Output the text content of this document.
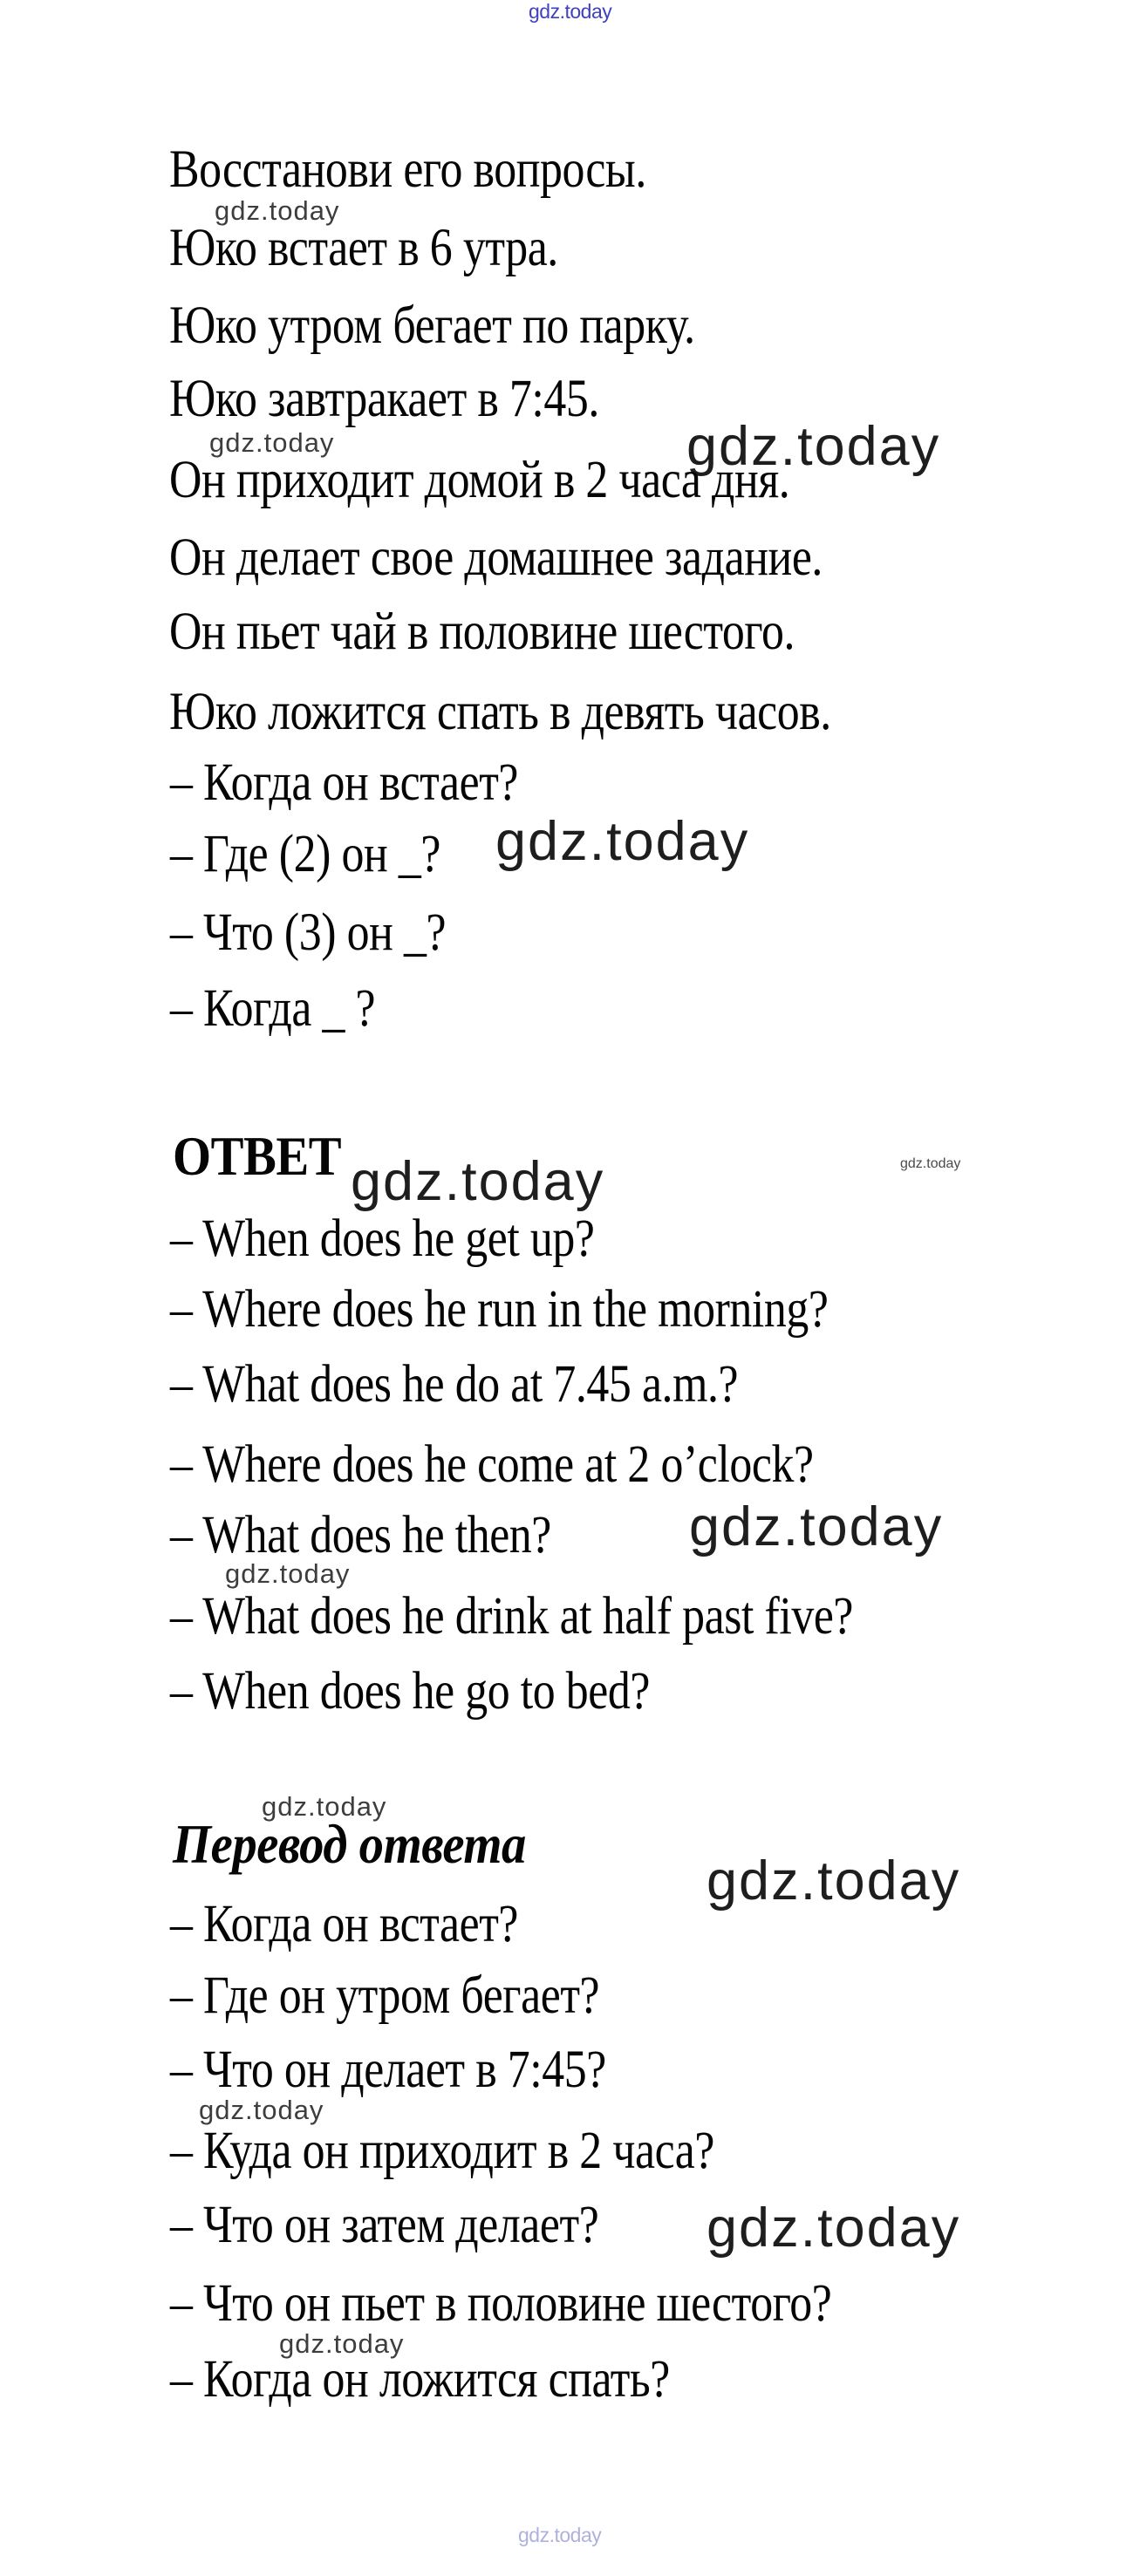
gdz.today
Восстанови его вопросы.
gdz.today
Юко встает в 6 утра.
Юко утром бегает по парку.
Юко завтракает в 7:45.
gdz.today	gdz.today
Он приходит домой в 2 часа дня.
Он делает свое домашнее задание.
Он пьет чай в половине шестого.
Юко ложится спать в девять часов.
– Когда он встает?
– Где (2) он _? gdz.today
– Что (3) он _?
– Когда _ ?
ОТВЕТ gdz.today	gdz.today
– When does he get up?
– Where does he run in the morning?
– What does he do at 7.45 a.m.?
– Where does he come at 2 o’clock?
– What does he then?	gdz.today
gdz.today
– What does he drink at half past five?
– When does he go to bed?
gdz.today
Перевод ответа
gdz.today
– Когда он встает?
– Где он утром бегает?
– Что он делает в 7:45?
gdz.today
– Куда он приходит в 2 часа?
– Что он затем делает? gdz.today
– Что он пьет в половине шестого?
gdz.today
– Когда он ложится спать?
gdz.today
